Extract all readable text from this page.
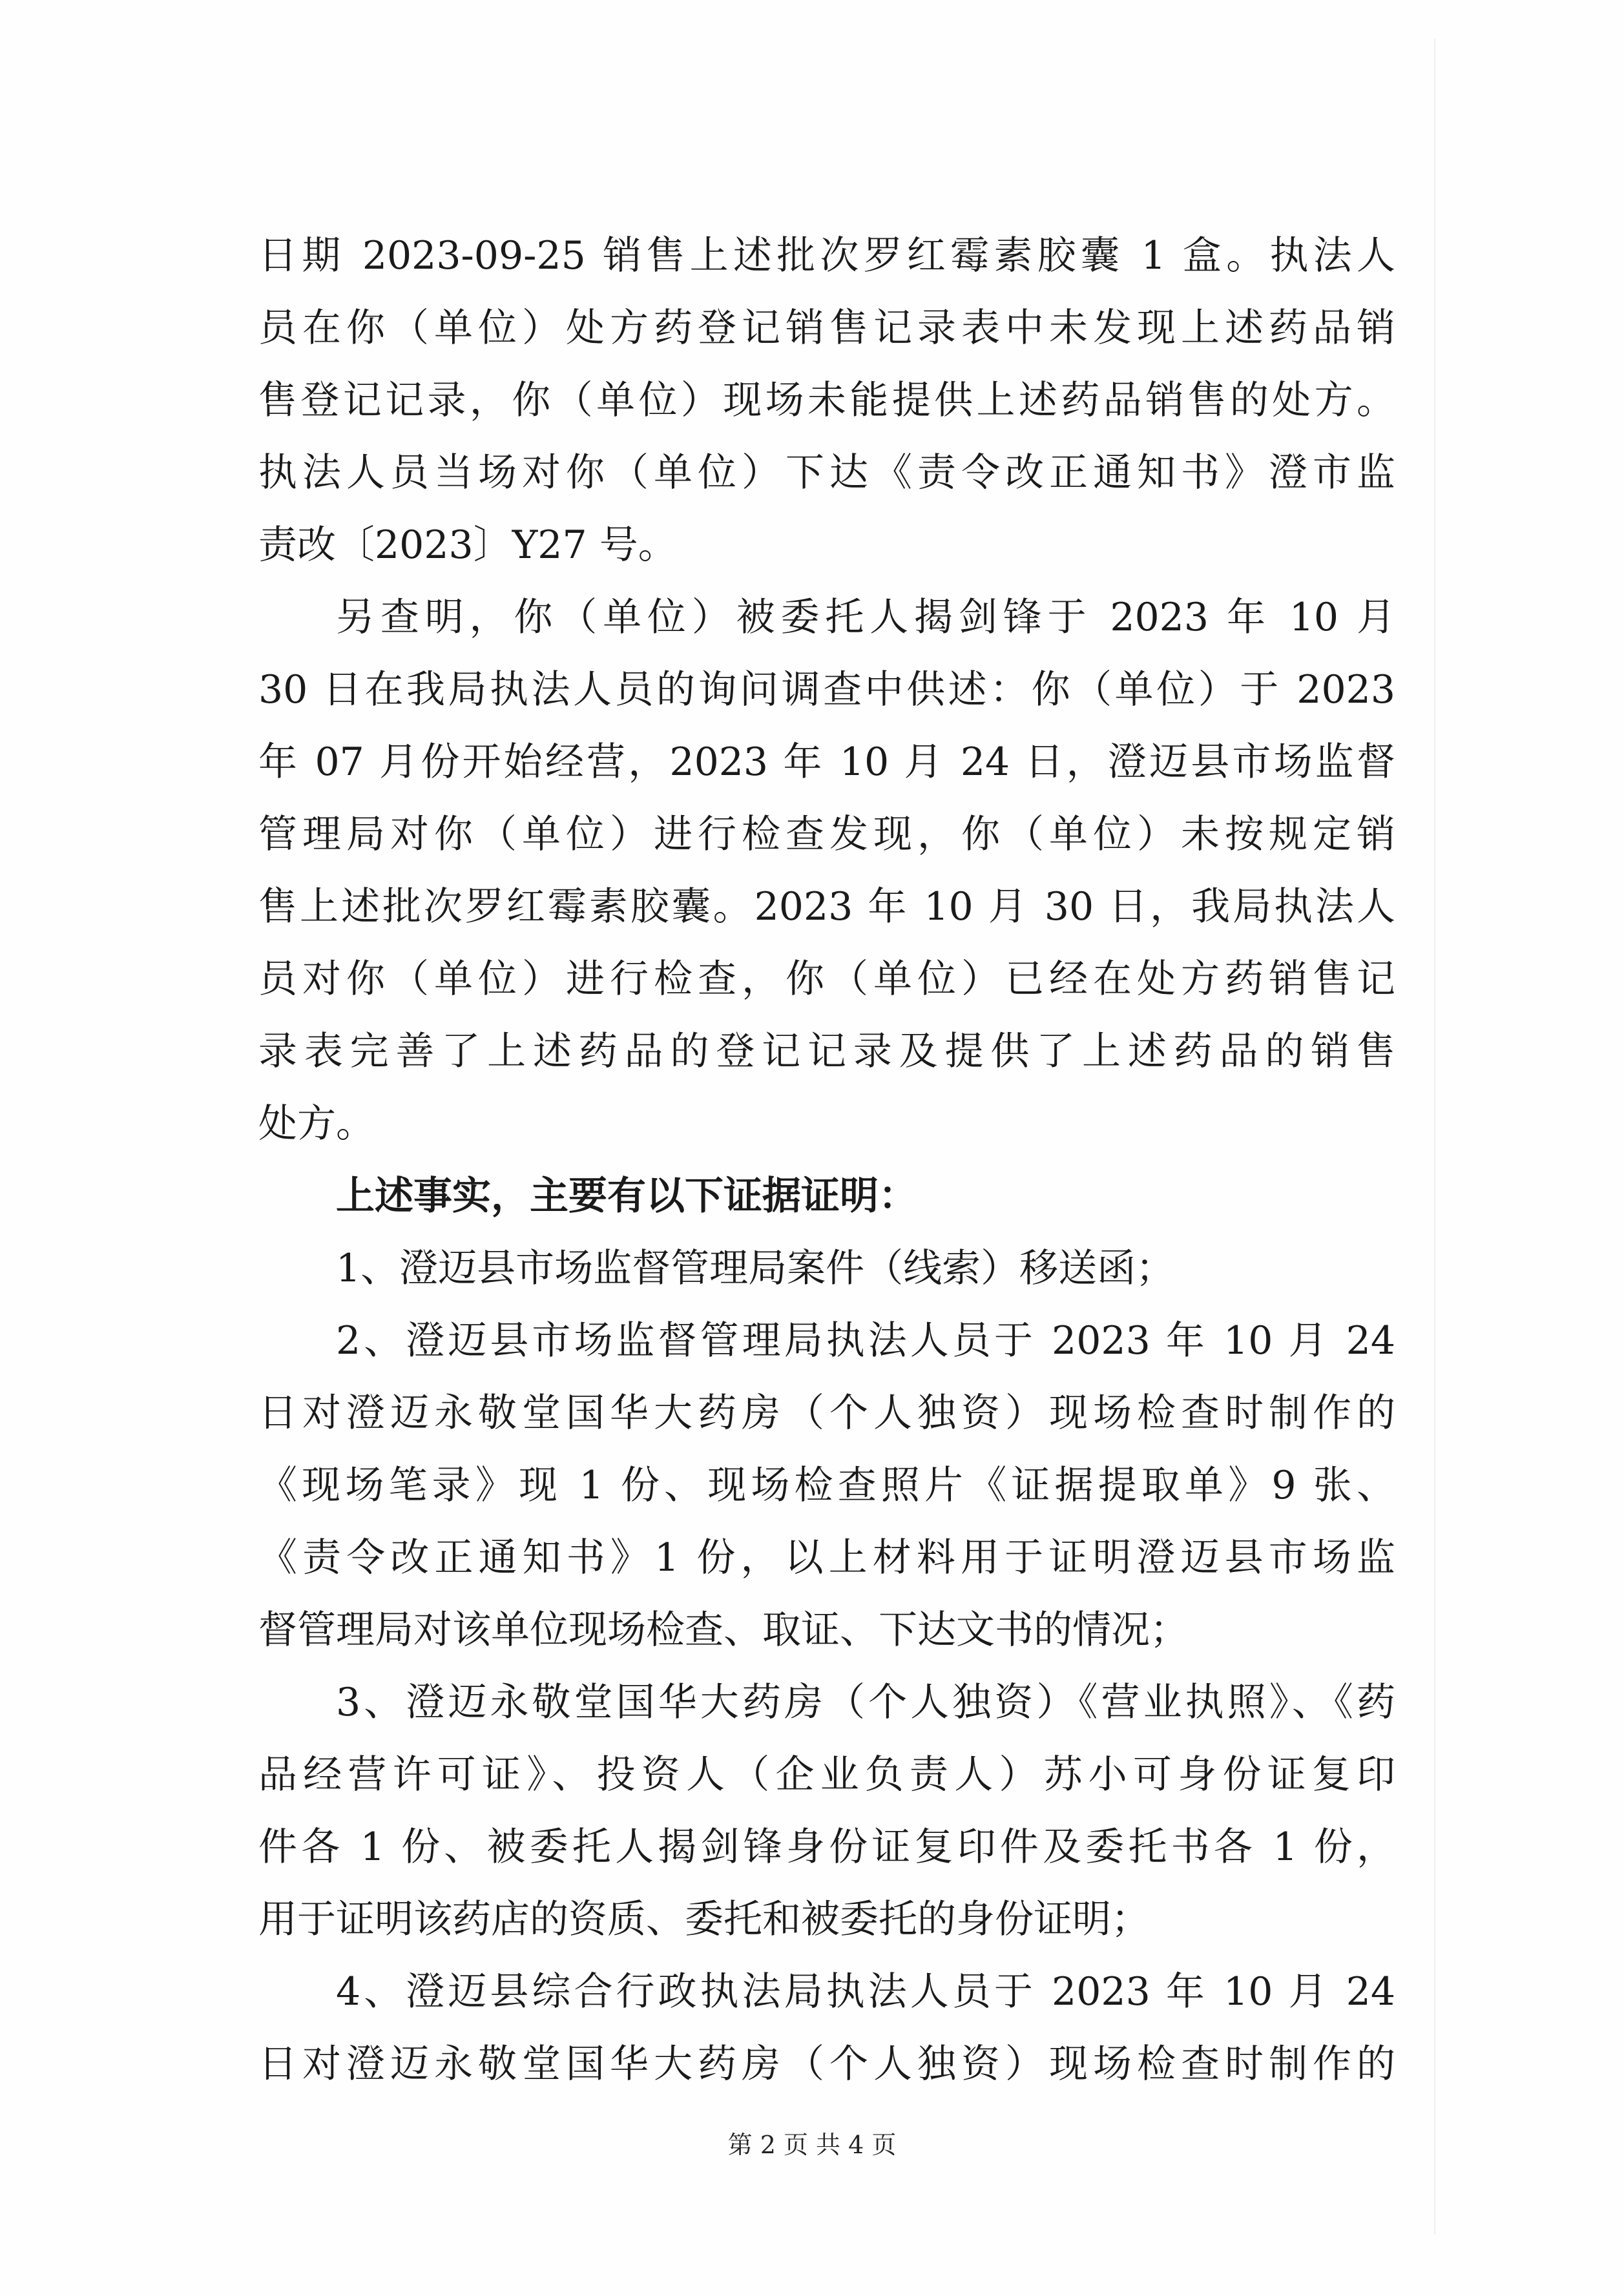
日期 2023-09-25 销售上述批次罗红霉素胶囊 1 盒。执法人
员在你（单位）处方药登记销售记录表中未发现上述药品销
售登记记录，你（单位）现场未能提供上述药品销售的处方。
执法人员当场对你（单位）下达《责令改正通知书》澄市监
责改〔2023〕Y27 号。
另查明，你（单位）被委托人揭剑锋于 2023 年 10 月
30 日在我局执法人员的询问调查中供述：你（单位）于 2023
年 07 月份开始经营，2023 年 10 月 24 日，澄迈县市场监督
管理局对你（单位）进行检查发现，你（单位）未按规定销
售上述批次罗红霉素胶囊。2023 年 10 月 30 日，我局执法人
员对你（单位）进行检查，你（单位）已经在处方药销售记
录表完善了上述药品的登记记录及提供了上述药品的销售
处方。
上述事实，主要有以下证据证明：
1、澄迈县市场监督管理局案件（线索）移送函；
2、澄迈县市场监督管理局执法人员于 2023 年 10 月 24
日对澄迈永敬堂国华大药房（个人独资）现场检查时制作的
《现场笔录》现 1 份、现场检查照片《证据提取单》9 张、
《责令改正通知书》1 份，以上材料用于证明澄迈县市场监
督管理局对该单位现场检查、取证、下达文书的情况；
3、澄迈永敬堂国华大药房（个人独资）《营业执照》、《药
品经营许可证》、投资人（企业负责人）苏小可身份证复印
件各 1 份、被委托人揭剑锋身份证复印件及委托书各 1 份，
用于证明该药店的资质、委托和被委托的身份证明；
4、澄迈县综合行政执法局执法人员于 2023 年 10 月 24
日对澄迈永敬堂国华大药房（个人独资）现场检查时制作的
第 2 页 共 4 页
